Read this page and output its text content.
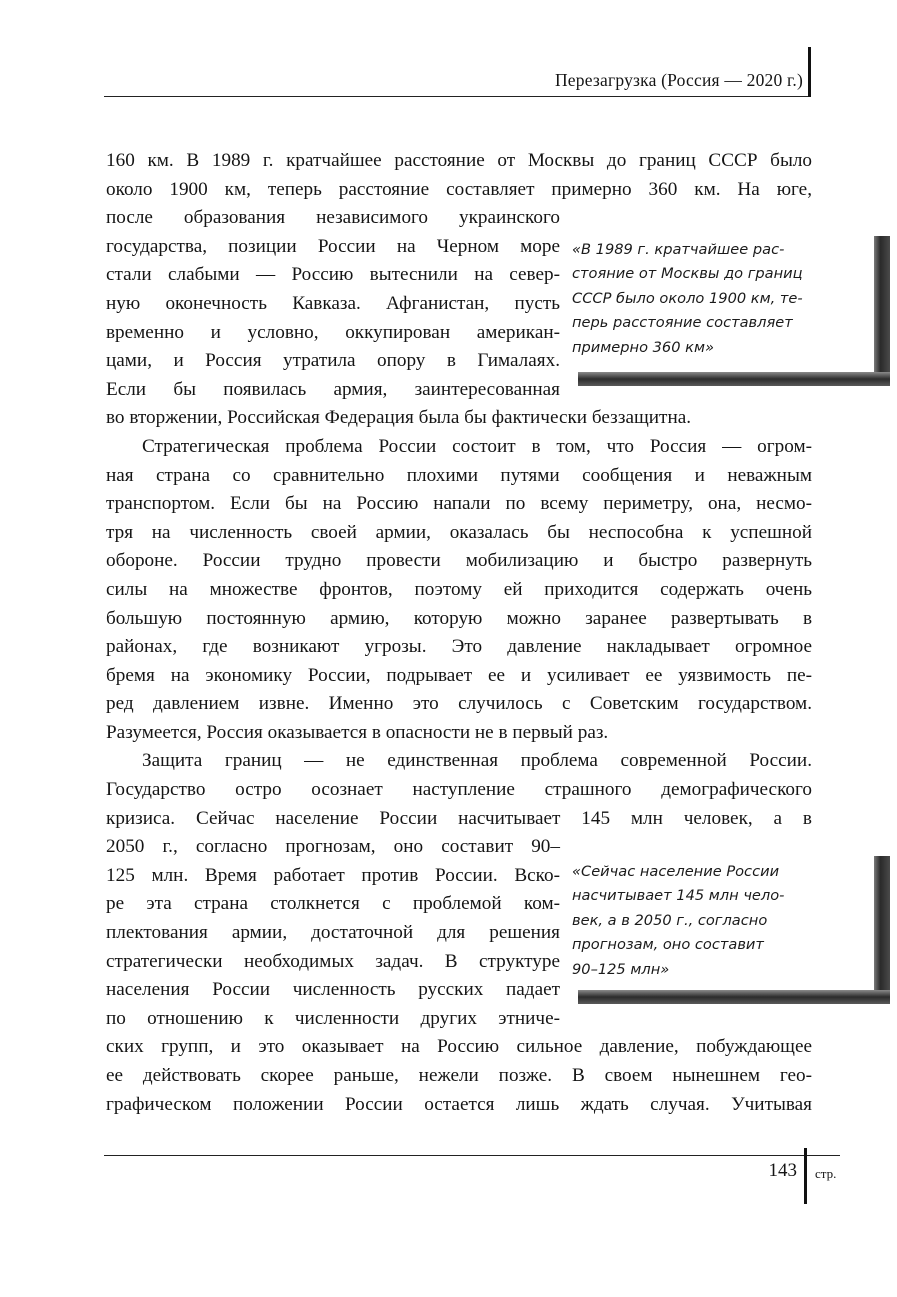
Перезагрузка (Россия — 2020 г.)
160 км. В 1989 г. кратчайшее расстояние от Москвы до границ СССР было
около 1900 км, теперь расстояние составляет примерно 360 км. На юге,
после образования независимого украинского
государства, позиции России на Черном море
стали слабыми — Россию вытеснили на север-
ную оконечность Кавказа. Афганистан, пусть
временно и условно, оккупирован американ-
цами, и Россия утратила опору в Гималаях.
Если бы появилась армия, заинтересованная
во вторжении, Российская Федерация была бы фактически беззащитна.
Стратегическая проблема России состоит в том, что Россия — огром-
ная страна со сравнительно плохими путями сообщения и неважным
транспортом. Если бы на Россию напали по всему периметру, она, несмо-
тря на численность своей армии, оказалась бы неспособна к успешной
обороне. России трудно провести мобилизацию и быстро развернуть
силы на множестве фронтов, поэтому ей приходится содержать очень
большую постоянную армию, которую можно заранее развертывать в
районах, где возникают угрозы. Это давление накладывает огромное
бремя на экономику России, подрывает ее и усиливает ее уязвимость пе-
ред давлением извне. Именно это случилось с Советским государством.
Разумеется, Россия оказывается в опасности не в первый раз.
Защита границ — не единственная проблема современной России.
Государство остро осознает наступление страшного демографического
кризиса. Сейчас население России насчитывает 145 млн человек, а в
2050 г., согласно прогнозам, оно составит 90–
125 млн. Время работает против России. Вско-
ре эта страна столкнется с проблемой ком-
плектования армии, достаточной для решения
стратегически необходимых задач. В структуре
населения России численность русских падает
по отношению к численности других этниче-
ских групп, и это оказывает на Россию сильное давление, побуждающее
ее действовать скорее раньше, нежели позже. В своем нынешнем гео-
графическом положении России остается лишь ждать случая. Учитывая
«В 1989 г. кратчайшее рас-
стояние от Москвы до границ
СССР было около 1900 км, те-
перь расстояние составляет
примерно 360 км»
«Сейчас население России
насчитывает 145 млн чело-
век, а в 2050 г., согласно
прогнозам, оно составит
90–125 млн»
143 стр.
